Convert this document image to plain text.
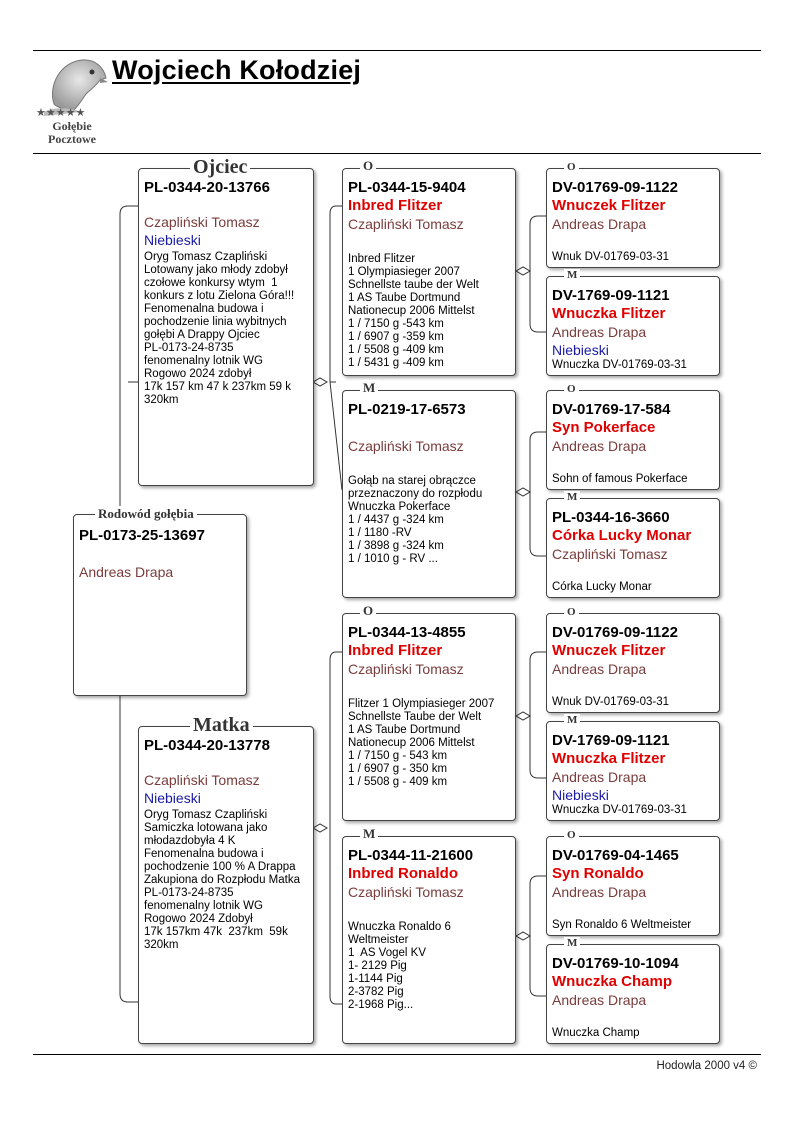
★★★★★
Gołębie
Pocztowe
Wojciech Kołodziej
PL-0173-25-13697
Andreas Drapa
Rodowód gołębia
PL-0344-20-13766
Czapliński Tomasz
Niebieski
Oryg Tomasz Czapliński
Lotowany jako młody zdobył
czołowe konkursy wtym  1
konkurs z lotu Zielona Góra!!!
Fenomenalna budowa i
pochodzenie linia wybitnych
gołębi A Drappy Ojciec
PL-0173-24-8735
fenomenalny lotnik WG
Rogowo 2024 zdobył
17k 157 km 47 k 237km 59 k
320km
Ojciec
PL-0344-20-13778
Czapliński Tomasz
Niebieski
Oryg Tomasz Czapliński
Samiczka lotowana jako
młodazdobyła 4 K
Fenomenalna budowa i
pochodzenie 100 % A Drappa
Zakupiona do Rozpłodu Matka
PL-0173-24-8735
fenomenalny lotnik WG
Rogowo 2024 Zdobył
17k 157km 47k  237km  59k
320km
Matka
PL-0344-15-9404
Inbred Flitzer
Czapliński Tomasz
Inbred Flitzer
1 Olympiasieger 2007
Schnellste taube der Welt
1 AS Taube Dortmund
Nationecup 2006 Mittelst
1 / 7150 g -543 km
1 / 6907 g -359 km
1 / 5508 g -409 km
1 / 5431 g -409 km
O
PL-0219-17-6573
Czapliński Tomasz
Gołąb na starej obrączce
przeznaczony do rozpłodu
Wnuczka Pokerface
1 / 4437 g -324 km
1 / 1180 -RV
1 / 3898 g -324 km
1 / 1010 g - RV ...
M
PL-0344-13-4855
Inbred Flitzer
Czapliński Tomasz
Flitzer 1 Olympiasieger 2007
Schnellste Taube der Welt
1 AS Taube Dortmund
Nationecup 2006 Mittelst
1 / 7150 g - 543 km
1 / 6907 g - 350 km
1 / 5508 g - 409 km
O
PL-0344-11-21600
Inbred Ronaldo
Czapliński Tomasz
Wnuczka Ronaldo 6
Weltmeister
1  AS Vogel KV
1- 2129 Pig
1-1144 Pig
2-3782 Pig
2-1968 Pig...
M
DV-01769-09-1122
Wnuczek Flitzer
Andreas Drapa
Wnuk DV-01769-03-31
O
DV-1769-09-1121
Wnuczka Flitzer
Andreas Drapa
Niebieski
Wnuczka DV-01769-03-31
M
DV-01769-17-584
Syn Pokerface
Andreas Drapa
Sohn of famous Pokerface
O
PL-0344-16-3660
Córka Lucky Monar
Czapliński Tomasz
Córka Lucky Monar
M
DV-01769-09-1122
Wnuczek Flitzer
Andreas Drapa
Wnuk DV-01769-03-31
O
DV-1769-09-1121
Wnuczka Flitzer
Andreas Drapa
Niebieski
Wnuczka DV-01769-03-31
M
DV-01769-04-1465
Syn Ronaldo
Andreas Drapa
Syn Ronaldo 6 Weltmeister
O
DV-01769-10-1094
Wnuczka Champ
Andreas Drapa
Wnuczka Champ
M
Hodowla 2000 v4 ©
